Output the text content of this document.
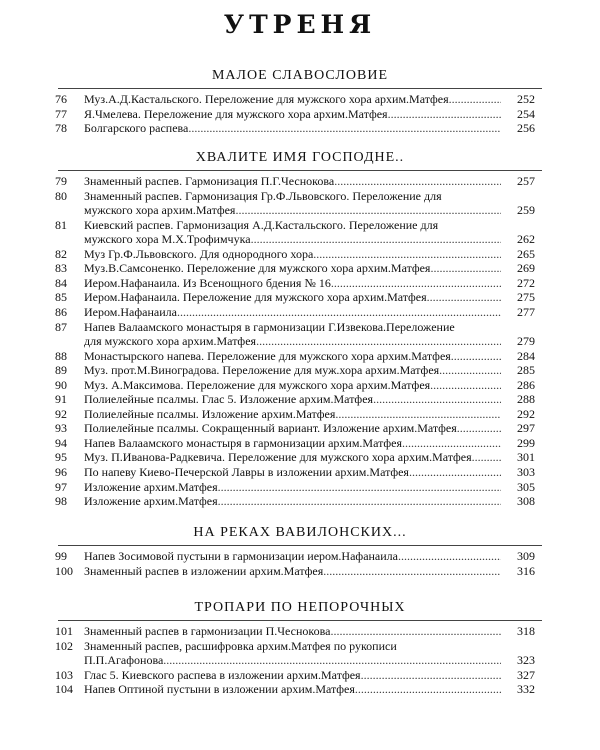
УТРЕНЯ
МАЛОЕ СЛАВОСЛОВИЕ
76	Муз.А.Д.Кастальского. Переложение для мужского хора архим.Матфея .....	252
77	Я.Чмелева. Переложение для мужского хора архим.Матфея .....	254
78	Болгарского распева .....	256
ХВАЛИТЕ ИМЯ ГОСПОДНЕ..
79	Знаменный распев. Гармонизация П.Г.Чеснокова .....	257
80	Знаменный распев. Гармонизация Гр.Ф.Львовского. Переложение для
мужского хора архим.Матфея .....	259
81	Киевский распев. Гармонизация А.Д.Кастальского. Переложение для
мужского хора М.Х.Трофимчука .....	262
82	Муз Гр.Ф.Львовского. Для однородного хора .....	265
83	Муз.В.Самсоненко. Переложение для мужского хора архим.Матфея .....	269
84	Иером.Нафанаила. Из Всенощного бдения № 16 .....	272
85	Иером.Нафанаила. Переложение для мужского хора архим.Матфея .....	275
86	Иером.Нафанаила .....	277
87	Напев Валаамского монастыря в гармонизации Г.Извекова.Переложение
для мужского хора архим.Матфея .....	279
88	Монастырского напева. Переложение для мужского хора архим.Матфея .....	284
89	Муз. прот.М.Виноградова. Переложение для муж.хора архим.Матфея .....	285
90	Муз. А.Максимова. Переложение для мужского хора архим.Матфея .....	286
91	Полиелейные псалмы. Глас 5. Изложение архим.Матфея .....	288
92	Полиелейные псалмы. Изложение архим.Матфея .....	292
93	Полиелейные псалмы. Сокращенный вариант. Изложение архим.Матфея .....	297
94	Напев Валаамского монастыря в гармонизации архим.Матфея .....	299
95	Муз. П.Иванова-Радкевича. Переложение для мужского хора архим.Матфея .....	301
96	По напеву Киево-Печерской Лавры в изложении архим.Матфея .....	303
97	Изложение архим.Матфея .....	305
98	Изложение архим.Матфея .....	308
НА РЕКАХ ВАВИЛОНСКИХ...
99	Напев Зосимовой пустыни в гармонизации иером.Нафанаила .....	309
100 Знаменный распев в изложении архим.Матфея .....	316
ТРОПАРИ ПО НЕПОРОЧНЫХ
101 Знаменный распев в гармонизации П.Чеснокова .....	318
102 Знаменный распев, расшифровка архим.Матфея по рукописи
П.П.Агафонова .....	323
103 Глас 5. Киевского распева в изложении архим.Матфея .....	327
104 Напев Оптиной пустыни в изложении архим.Матфея .....	332
